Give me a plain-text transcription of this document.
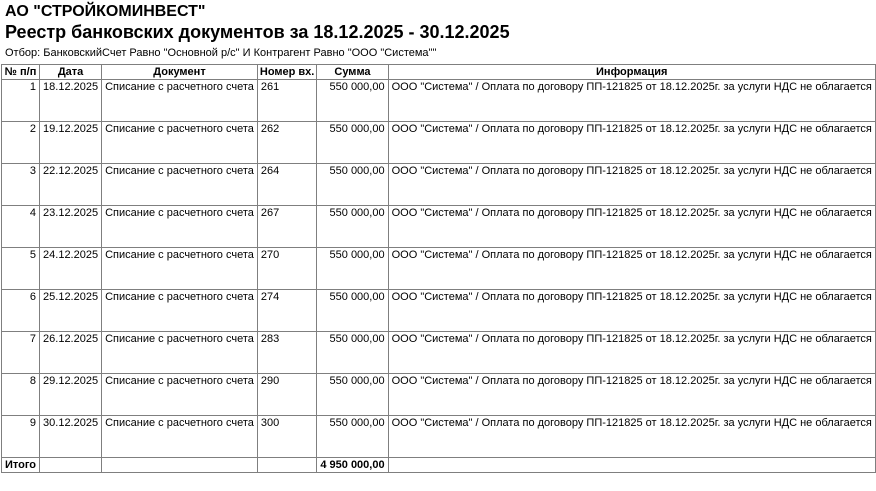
АО "СТРОЙКОМИНВЕСТ"
Реестр банковских документов за 18.12.2025 - 30.12.2025
Отбор: БанковскийСчет Равно "Основной р/с" И Контрагент Равно "ООО "Система""
№ п/п	Дата	Документ	Номер вх.	Сумма	Информация
1	18.12.2025	Списание с расчетного счета	261	550 000,00	ООО "Система" / Оплата по договору ПП-121825 от 18.12.2025г. за услуги НДС не облагается
2	19.12.2025	Списание с расчетного счета	262	550 000,00	ООО "Система" / Оплата по договору ПП-121825 от 18.12.2025г. за услуги НДС не облагается
3	22.12.2025	Списание с расчетного счета	264	550 000,00	ООО "Система" / Оплата по договору ПП-121825 от 18.12.2025г. за услуги НДС не облагается
4	23.12.2025	Списание с расчетного счета	267	550 000,00	ООО "Система" / Оплата по договору ПП-121825 от 18.12.2025г. за услуги НДС не облагается
5	24.12.2025	Списание с расчетного счета	270	550 000,00	ООО "Система" / Оплата по договору ПП-121825 от 18.12.2025г. за услуги НДС не облагается
6	25.12.2025	Списание с расчетного счета	274	550 000,00	ООО "Система" / Оплата по договору ПП-121825 от 18.12.2025г. за услуги НДС не облагается
7	26.12.2025	Списание с расчетного счета	283	550 000,00	ООО "Система" / Оплата по договору ПП-121825 от 18.12.2025г. за услуги НДС не облагается
8	29.12.2025	Списание с расчетного счета	290	550 000,00	ООО "Система" / Оплата по договору ПП-121825 от 18.12.2025г. за услуги НДС не облагается
9	30.12.2025	Списание с расчетного счета	300	550 000,00	ООО "Система" / Оплата по договору ПП-121825 от 18.12.2025г. за услуги НДС не облагается
Итого				4 950 000,00	
